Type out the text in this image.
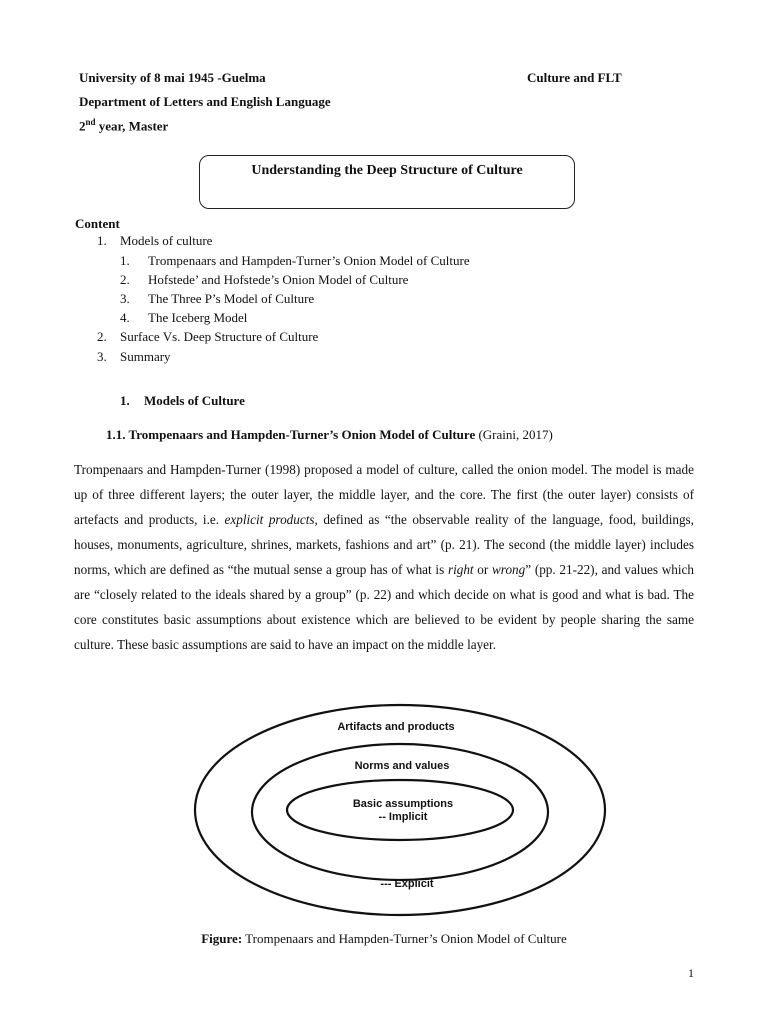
University of 8 mai 1945 -Guelma	Culture and FLT
Department of Letters and English Language
2nd year, Master
Understanding the Deep Structure of Culture
Content
1. Models of culture
1. Trompenaars and Hampden-Turner’s Onion Model of Culture
2. Hofstede’ and Hofstede’s Onion Model of Culture
3. The Three P’s Model of Culture
4. The Iceberg Model
2. Surface Vs. Deep Structure of Culture
3. Summary
1. Models of Culture
1.1. Trompenaars and Hampden-Turner’s Onion Model of Culture (Graini, 2017)

Trompenaars and Hampden-Turner (1998) proposed a model of culture, called the onion model. The model is made up of three different layers; the outer layer, the middle layer, and the core. The first (the outer layer) consists of artefacts and products, i.e. explicit products, defined as “the observable reality of the language, food, buildings, houses, monuments, agriculture, shrines, markets, fashions and art” (p. 21). The second (the middle layer) includes norms, which are defined as “the mutual sense a group has of what is right or wrong” (pp. 21-22), and values which are “closely related to the ideals shared by a group” (p. 22) and which decide on what is good and what is bad. The core constitutes basic assumptions about existence which are believed to be evident by people sharing the same culture. These basic assumptions are said to have an impact on the middle layer.

Artifacts and products
Norms and values
Basic assumptions
-- Implicit
--- Explicit
Figure: Trompenaars and Hampden-Turner’s Onion Model of Culture
1
